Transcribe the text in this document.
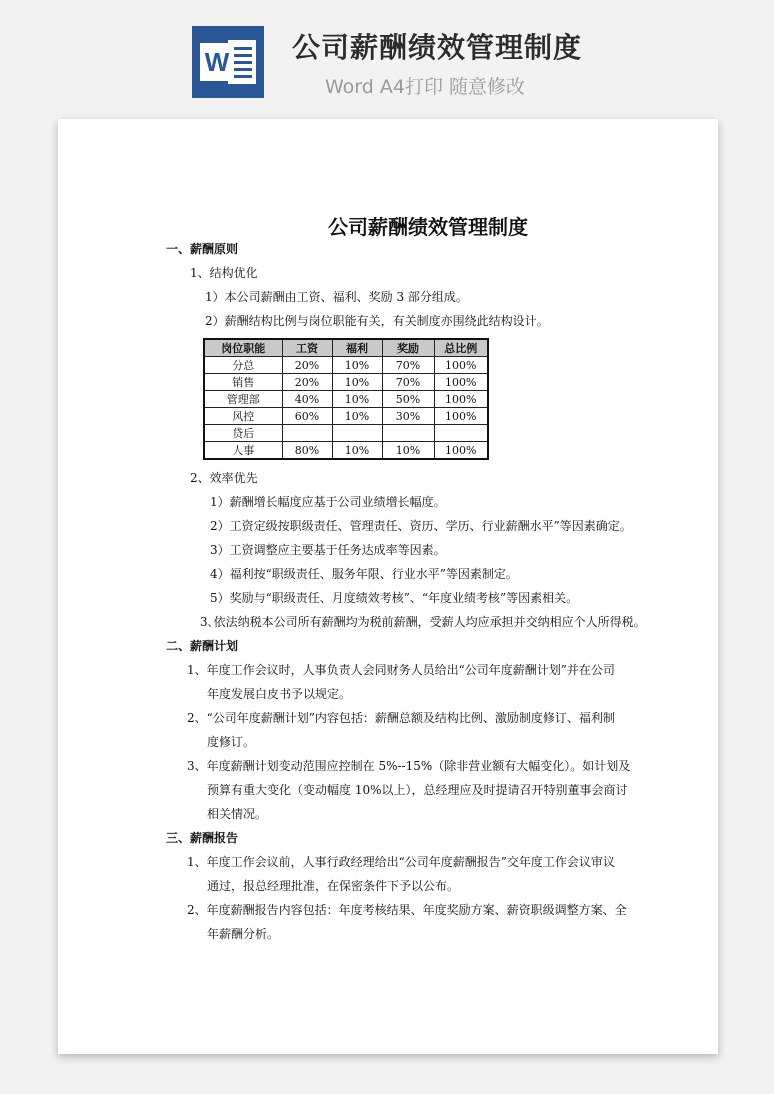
W 公司薪酬绩效管理制度
Word A4打印 随意修改
公司薪酬绩效管理制度
一、薪酬原则
1、结构优化
1）本公司薪酬由工资、福利、奖励 3 部分组成。
2）薪酬结构比例与岗位职能有关，有关制度亦围绕此结构设计。
岗位职能	工资	福利	奖励	总比例
分总	20%	10%	70%	100%
销售	20%	10%	70%	100%
管理部	40%	10%	50%	100%
风控	60%	10%	30%	100%
贷后				
人事	80%	10%	10%	100%
2、效率优先
1）薪酬增长幅度应基于公司业绩增长幅度。
2）工资定级按职级责任、管理责任、资历、学历、行业薪酬水平”等因素确定。
3）工资调整应主要基于任务达成率等因素。
4）福利按“职级责任、服务年限、行业水平”等因素制定。
5）奖励与“职级责任、月度绩效考核”、“年度业绩考核”等因素相关。
3､依法纳税本公司所有薪酬均为税前薪酬，受薪人均应承担并交纳相应个人所得税。
二、薪酬计划
1、年度工作会议时，人事负责人会同财务人员给出“公司年度薪酬计划”并在公司
年度发展白皮书予以规定。
2、“公司年度薪酬计划”内容包括：薪酬总额及结构比例、激励制度修订、福利制
度修订。
3、年度薪酬计划变动范围应控制在 5%--15%（除非营业额有大幅变化）。如计划及
预算有重大变化（变动幅度 10%以上），总经理应及时提请召开特别董事会商讨
相关情况。
三、薪酬报告
1、年度工作会议前，人事行政经理给出“公司年度薪酬报告”交年度工作会议审议
通过，报总经理批准，在保密条件下予以公布。
2、年度薪酬报告内容包括：年度考核结果、年度奖励方案、薪资职级调整方案、全
年薪酬分析。
